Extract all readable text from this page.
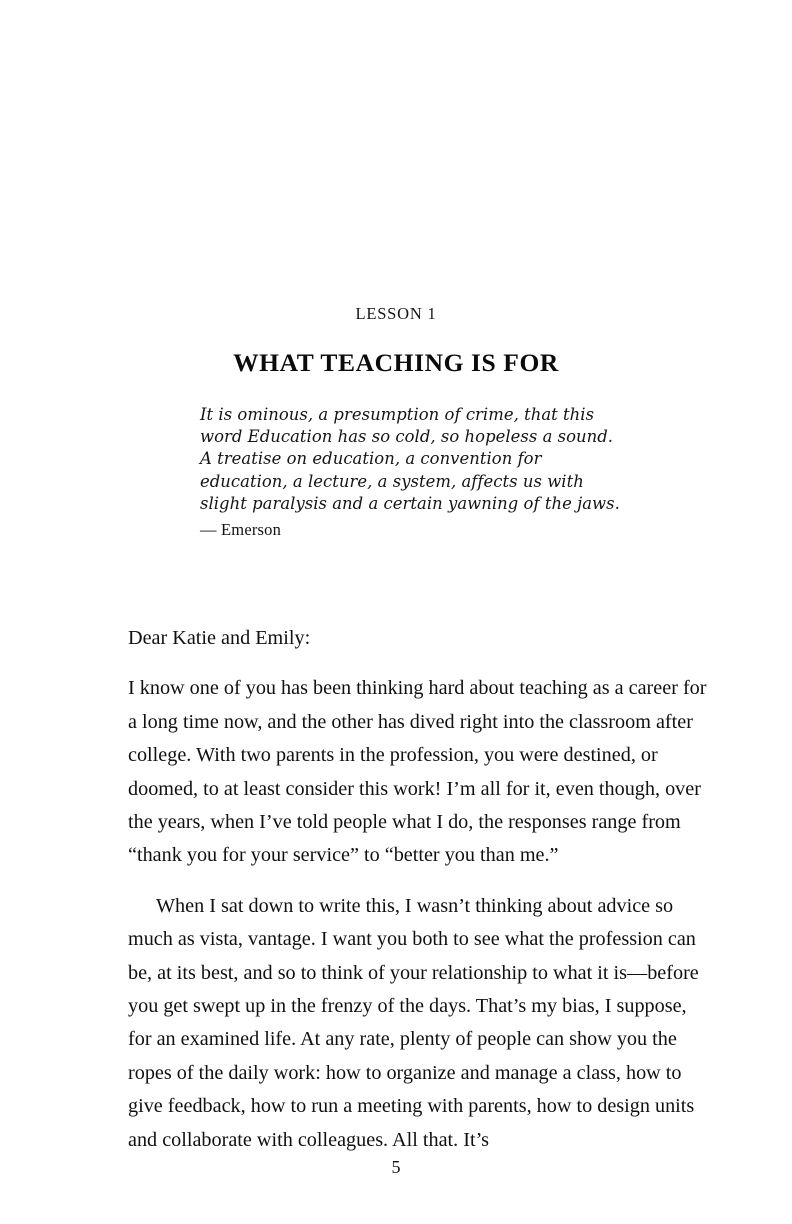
LESSON 1
WHAT TEACHING IS FOR

It is ominous, a presumption of crime, that this word Education has so cold, so hopeless a sound. A treatise on education, a convention for education, a lecture, a system, affects us with slight paralysis and a certain yawning of the jaws.

— Emerson

Dear Katie and Emily:

I know one of you has been thinking hard about teaching as a career for a long time now, and the other has dived right into the classroom after college. With two parents in the profession, you were destined, or doomed, to at least consider this work! I’m all for it, even though, over the years, when I’ve told people what I do, the responses range from “thank you for your service” to “better you than me.”

When I sat down to write this, I wasn’t thinking about advice so much as vista, vantage. I want you both to see what the profession can be, at its best, and so to think of your relationship to what it is—before you get swept up in the frenzy of the days. That’s my bias, I suppose, for an examined life. At any rate, plenty of people can show you the ropes of the daily work: how to organize and manage a class, how to give feedback, how to run a meeting with parents, how to design units and collaborate with colleagues. All that. It’s

5
